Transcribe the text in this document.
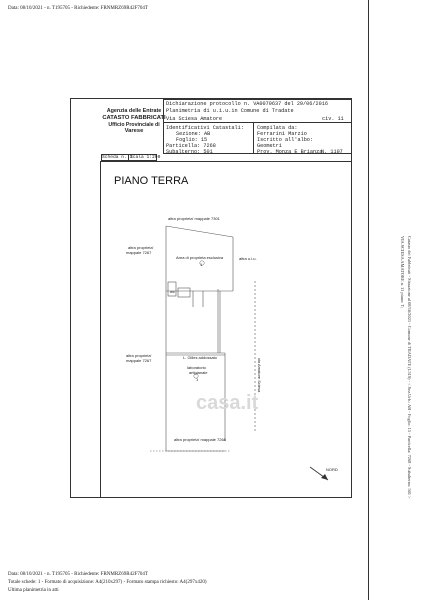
Data: 08/10/2021 - n. T195705 - Richiedente: FRNMRZ69R42F704T
Agenzia delle Entrate
CATASTO FABBRICATI
Ufficio Provinciale di
Varese
Dichiarazione protocollo n. VA0079637 del 29/06/2016
Planimetria di u.i.u.in Comune di Tradate
Via Sciesa Amatore	civ. 11
Identificativi Catastali:
Sezione: AB
Foglio: 15
Particella: 7268
Subalterno: 501
Compilata da:
Ferrarini Marzio
Iscritto all'albo:
Geometri
Prov. Monza E Brianza
N. 1107
Scheda n. 1
Scala 1:200
PIANO TERRA
altra proprieta' mappale 7301
altra proprieta'
mappale 7267
Area di proprieta esclusiva
1
altra u.i.u.
wc
altra proprieta'
mappale 7267
L. Gilles addossato
laboratorio
artigianale
1	via Amatore Sciesa
altra proprieta' mappale 7268
NORD
casa.it	Catasto dei Fabbricati - Situazione al 08/10/2021 - Comune di TRADATE (L319) - < Sez.Urb.: AB - Foglio: 15 - Particella: 7268 - Subalterno: 501 >
VIA SCIESA AMATORE n. 11 piano: T;
Data: 08/10/2021 - n. T195705 - Richiedente: FRNMRZ69R42F704T
Totale schede: 1 - Formato di acquisizione: A4(210x297) - Formato stampa richiesto: A4(297x420)
Ultima planimetria in atti
